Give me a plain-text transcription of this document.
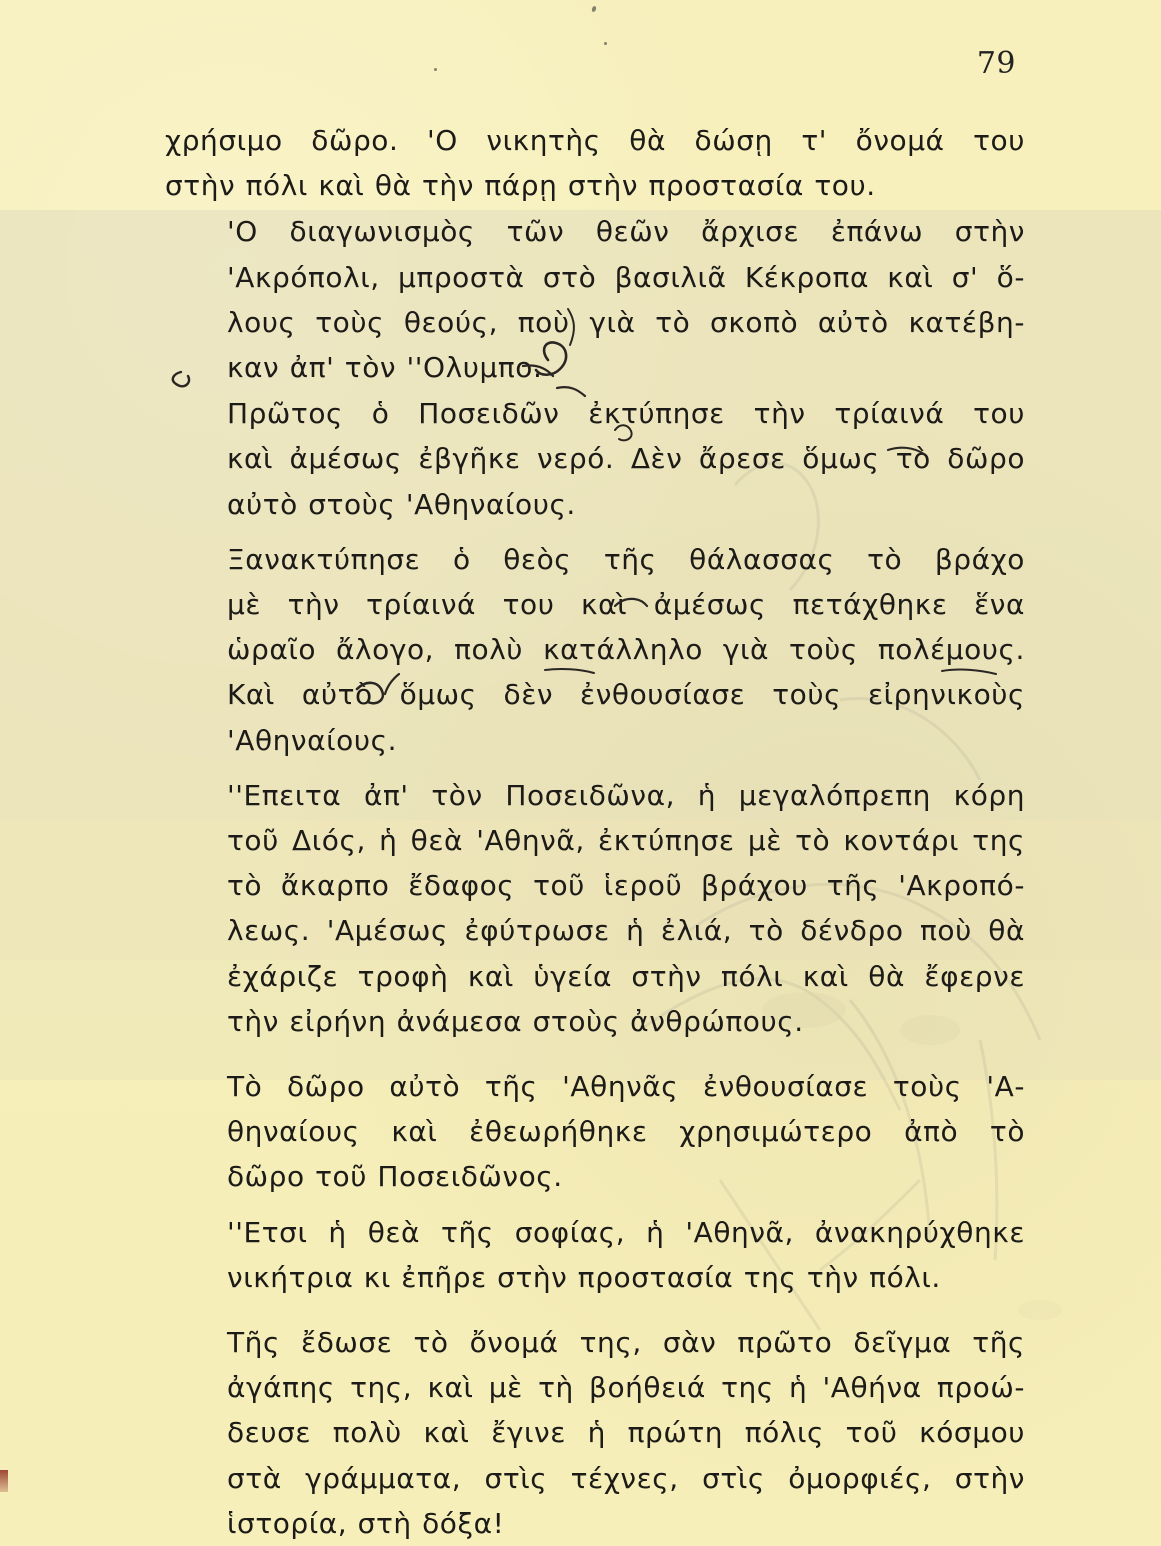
79

χρήσιμο δῶρο. 'Ο νικητὴς θὰ δώσῃ τ' ὄνομά του
στὴν πόλι καὶ θὰ τὴν πάρῃ στὴν προστασία του.

'Ο διαγωνισμὸς τῶν θεῶν ἄρχισε ἐπάνω στὴν
'Ακρόπολι, μπροστὰ στὸ βασιλιᾶ Κέκροπα καὶ σ' ὅ-
λους τοὺς θεούς, ποὺ γιὰ τὸ σκοπὸ αὐτὸ κατέβη-
καν ἀπ' τὸν ''Ολυμπο.

Πρῶτος ὁ Ποσειδῶν ἐκτύπησε τὴν τρίαινά του
καὶ ἀμέσως ἐβγῆκε νερό. Δὲν ἄρεσε ὅμως τὸ δῶρο
αὐτὸ στοὺς 'Αθηναίους.

Ξανακτύπησε ὁ θεὸς τῆς θάλασσας τὸ βράχο
μὲ τὴν τρίαινά του καὶ ἀμέσως πετάχθηκε ἕνα
ὡραῖο ἄλογο, πολὺ κατάλληλο γιὰ τοὺς πολέμους.
Καὶ αὐτὸ ὅμως δὲν ἐνθουσίασε τοὺς εἰρηνικοὺς
'Αθηναίους.

''Επειτα ἀπ' τὸν Ποσειδῶνα, ἡ μεγαλόπρεπη κόρη
τοῦ Διός, ἡ θεὰ 'Αθηνᾶ, ἐκτύπησε μὲ τὸ κοντάρι της
τὸ ἄκαρπο ἔδαφος τοῦ ἱεροῦ βράχου τῆς 'Ακροπό-
λεως. 'Αμέσως ἐφύτρωσε ἡ ἐλιά, τὸ δένδρο ποὺ θὰ
ἐχάριζε τροφὴ καὶ ὑγεία στὴν πόλι καὶ θὰ ἔφερνε
τὴν εἰρήνη ἀνάμεσα στοὺς ἀνθρώπους.

Τὸ δῶρο αὐτὸ τῆς 'Αθηνᾶς ἐνθουσίασε τοὺς 'Α-
θηναίους καὶ ἐθεωρήθηκε χρησιμώτερο ἀπὸ τὸ
δῶρο τοῦ Ποσειδῶνος.

''Ετσι ἡ θεὰ τῆς σοφίας, ἡ 'Αθηνᾶ, ἀνακηρύχθηκε
νικήτρια κι ἐπῆρε στὴν προστασία της τὴν πόλι.

Τῆς ἔδωσε τὸ ὄνομά της, σὰν πρῶτο δεῖγμα τῆς
ἀγάπης της, καὶ μὲ τὴ βοήθειά της ἡ 'Αθήνα προώ-
δευσε πολὺ καὶ ἔγινε ἡ πρώτη πόλις τοῦ κόσμου
στὰ γράμματα, στὶς τέχνες, στὶς ὀμορφιές, στὴν
ἱστορία, στὴ δόξα!
